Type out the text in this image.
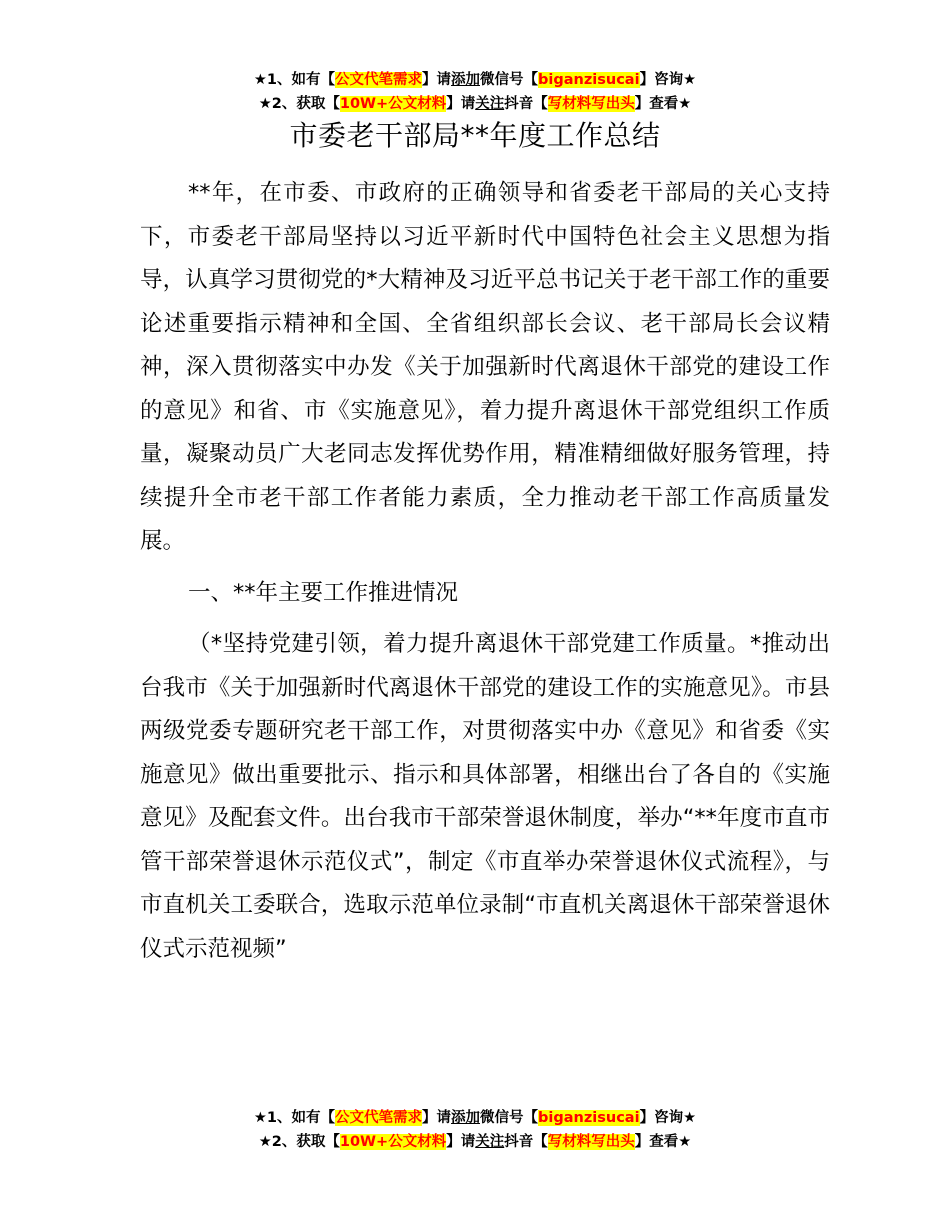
★1、如有【公文代笔需求】请添加微信号【biganzisucai】咨询★
★2、获取【10W+公文材料】请关注抖音【写材料写出头】查看★
市委老干部局**年度工作总结

**年，在市委、市政府的正确领导和省委老干部局的关心支持下，市委老干部局坚持以习近平新时代中国特色社会主义思想为指导，认真学习贯彻党的*大精神及习近平总书记关于老干部工作的重要论述重要指示精神和全国、全省组织部长会议、老干部局长会议精神，深入贯彻落实中办发《关于加强新时代离退休干部党的建设工作的意见》和省、市《实施意见》，着力提升离退休干部党组织工作质量，凝聚动员广大老同志发挥优势作用，精准精细做好服务管理，持续提升全市老干部工作者能力素质，全力推动老干部工作高质量发展。

一、**年主要工作推进情况

（*坚持党建引领，着力提升离退休干部党建工作质量。*推动出台我市《关于加强新时代离退休干部党的建设工作的实施意见》。市县两级党委专题研究老干部工作，对贯彻落实中办《意见》和省委《实施意见》做出重要批示、指示和具体部署，相继出台了各自的《实施意见》及配套文件。出台我市干部荣誉退休制度，举办“**年度市直市管干部荣誉退休示范仪式”，制定《市直举办荣誉退休仪式流程》，与市直机关工委联合，选取示范单位录制“市直机关离退休干部荣誉退休仪式示范视频”

★1、如有【公文代笔需求】请添加微信号【biganzisucai】咨询★
★2、获取【10W+公文材料】请关注抖音【写材料写出头】查看★
